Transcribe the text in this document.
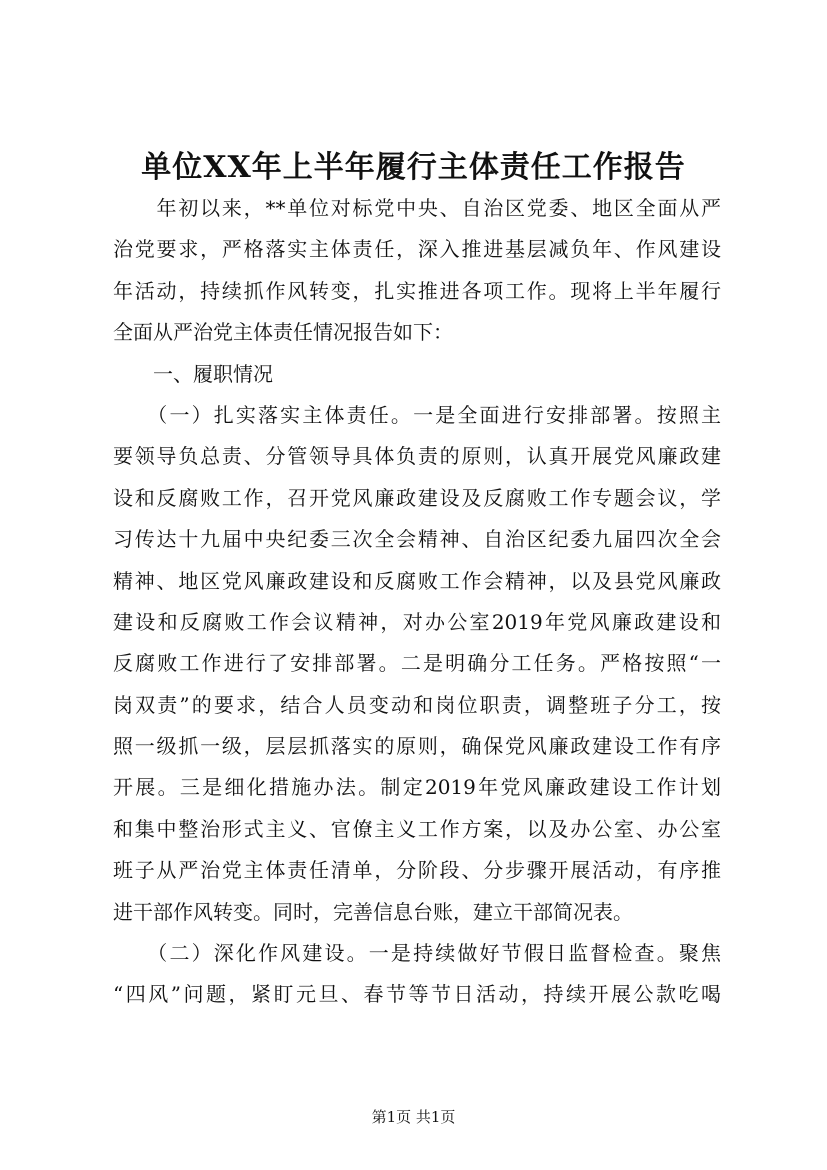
单位XX年上半年履行主体责任工作报告
　　年初以来，**单位对标党中央、自治区党委、地区全面从严
治党要求，严格落实主体责任，深入推进基层减负年、作风建设
年活动，持续抓作风转变，扎实推进各项工作。现将上半年履行
全面从严治党主体责任情况报告如下：
　　一、履职情况
　　（一）扎实落实主体责任。一是全面进行安排部署。按照主
要领导负总责、分管领导具体负责的原则，认真开展党风廉政建
设和反腐败工作，召开党风廉政建设及反腐败工作专题会议，学
习传达十九届中央纪委三次全会精神、自治区纪委九届四次全会
精神、地区党风廉政建设和反腐败工作会精神，以及县党风廉政
建设和反腐败工作会议精神，对办公室2019年党风廉政建设和
反腐败工作进行了安排部署。二是明确分工任务。严格按照“一
岗双责”的要求，结合人员变动和岗位职责，调整班子分工，按
照一级抓一级，层层抓落实的原则，确保党风廉政建设工作有序
开展。三是细化措施办法。制定2019年党风廉政建设工作计划
和集中整治形式主义、官僚主义工作方案，以及办公室、办公室
班子从严治党主体责任清单，分阶段、分步骤开展活动，有序推
进干部作风转变。同时，完善信息台账，建立干部简况表。
　　（二）深化作风建设。一是持续做好节假日监督检查。聚焦
“四风”问题，紧盯元旦、春节等节日活动，持续开展公款吃喝
第1页 共1页
